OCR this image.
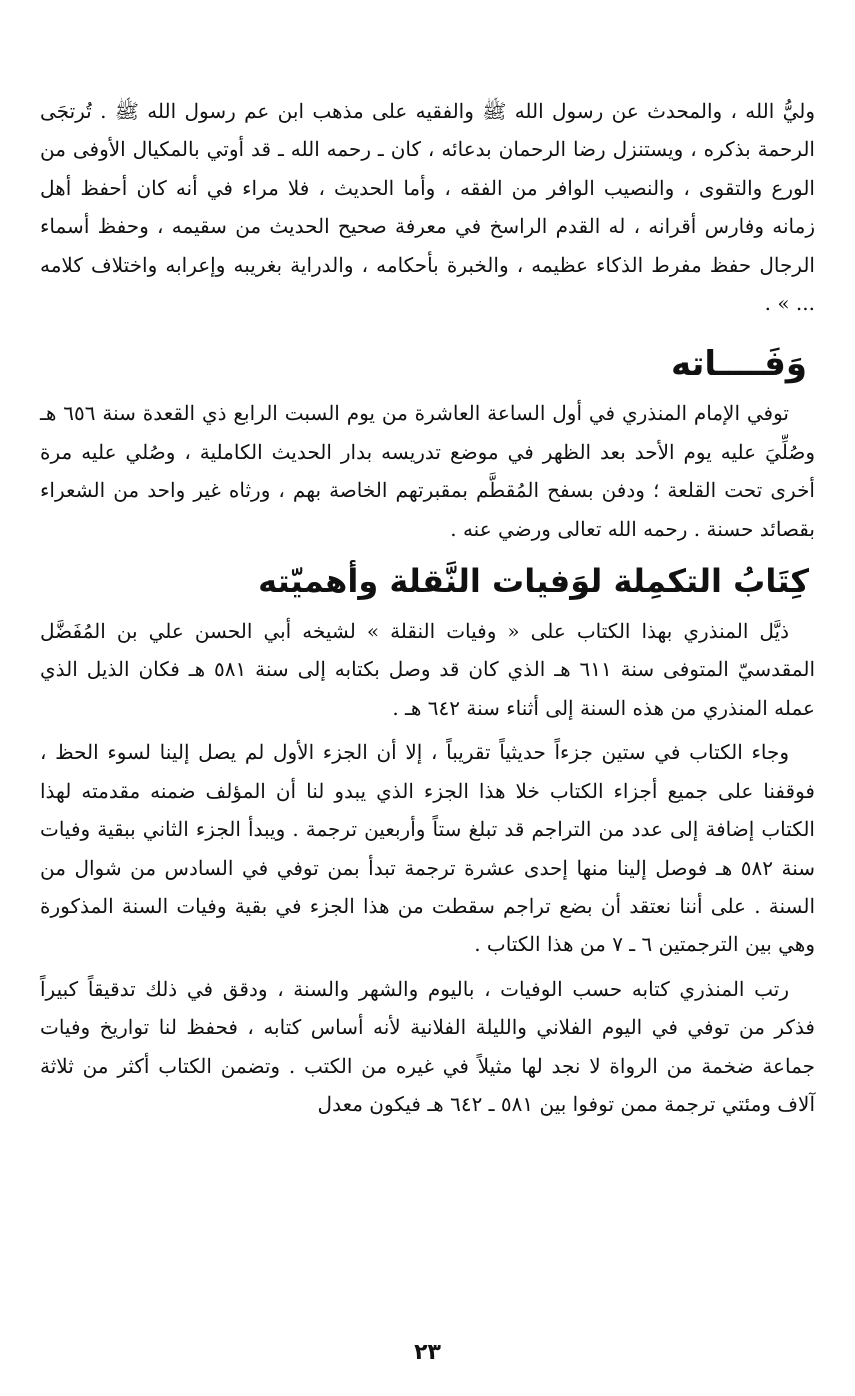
وليُّ الله ، والمحدث عن رسول الله ﷺ والفقيه على مذهب ابن عم رسول الله ﷺ . تُرتجَى الرحمة بذكره ، ويستنزل رضا الرحمان بدعائه ، كان ـ رحمه الله ـ قد أوتي بالمكيال الأوفى من الورع والتقوى ، والنصيب الوافر من الفقه ، وأما الحديث ، فلا مراء في أنه كان أحفظ أهل زمانه وفارس أقرانه ، له القدم الراسخ في معرفة صحيح الحديث من سقيمه ، وحفظ أسماء الرجال حفظ مفرط الذكاء عظيمه ، والخبرة بأحكامه ، والدراية بغريبه وإعرابه واختلاف كلامه ... » .

وَفَــــاته

توفي الإمام المنذري في أول الساعة العاشرة من يوم السبت الرابع ذي القعدة سنة ٦٥٦ هـ وصُلِّيَ عليه يوم الأحد بعد الظهر في موضع تدريسه بدار الحديث الكاملية ، وصُلي عليه مرة أخرى تحت القلعة ؛ ودفن بسفح المُقطَّم بمقبرتهم الخاصة بهم ، ورثاه غير واحد من الشعراء بقصائد حسنة . رحمه الله تعالى ورضي عنه .

كِتَابُ التكمِلة لوَفيات النَّقلة وأهميّته

ذيَّل المنذري بهذا الكتاب على « وفيات النقلة » لشيخه أبي الحسن علي بن المُفَضَّل المقدسيّ المتوفى سنة ٦١١ هـ الذي كان قد وصل بكتابه إلى سنة ٥٨١ هـ فكان الذيل الذي عمله المنذري من هذه السنة إلى أثناء سنة ٦٤٢ هـ .

وجاء الكتاب في ستين جزءاً حديثياً تقريباً ، إلا أن الجزء الأول لم يصل إلينا لسوء الحظ ، فوقفنا على جميع أجزاء الكتاب خلا هذا الجزء الذي يبدو لنا أن المؤلف ضمنه مقدمته لهذا الكتاب إضافة إلى عدد من التراجم قد تبلغ ستاً وأربعين ترجمة . ويبدأ الجزء الثاني ببقية وفيات سنة ٥٨٢ هـ فوصل إلينا منها إحدى عشرة ترجمة تبدأ بمن توفي في السادس من شوال من السنة . على أننا نعتقد أن بضع تراجم سقطت من هذا الجزء في بقية وفيات السنة المذكورة وهي بين الترجمتين ٦ ـ ٧ من هذا الكتاب .

رتب المنذري كتابه حسب الوفيات ، باليوم والشهر والسنة ، ودقق في ذلك تدقيقاً كبيراً فذكر من توفي في اليوم الفلاني والليلة الفلانية لأنه أساس كتابه ، فحفظ لنا تواريخ وفيات جماعة ضخمة من الرواة لا نجد لها مثيلاً في غيره من الكتب . وتضمن الكتاب أكثر من ثلاثة آلاف ومئتي ترجمة ممن توفوا بين ٥٨١ ـ ٦٤٢ هـ فيكون معدل

٢٣
